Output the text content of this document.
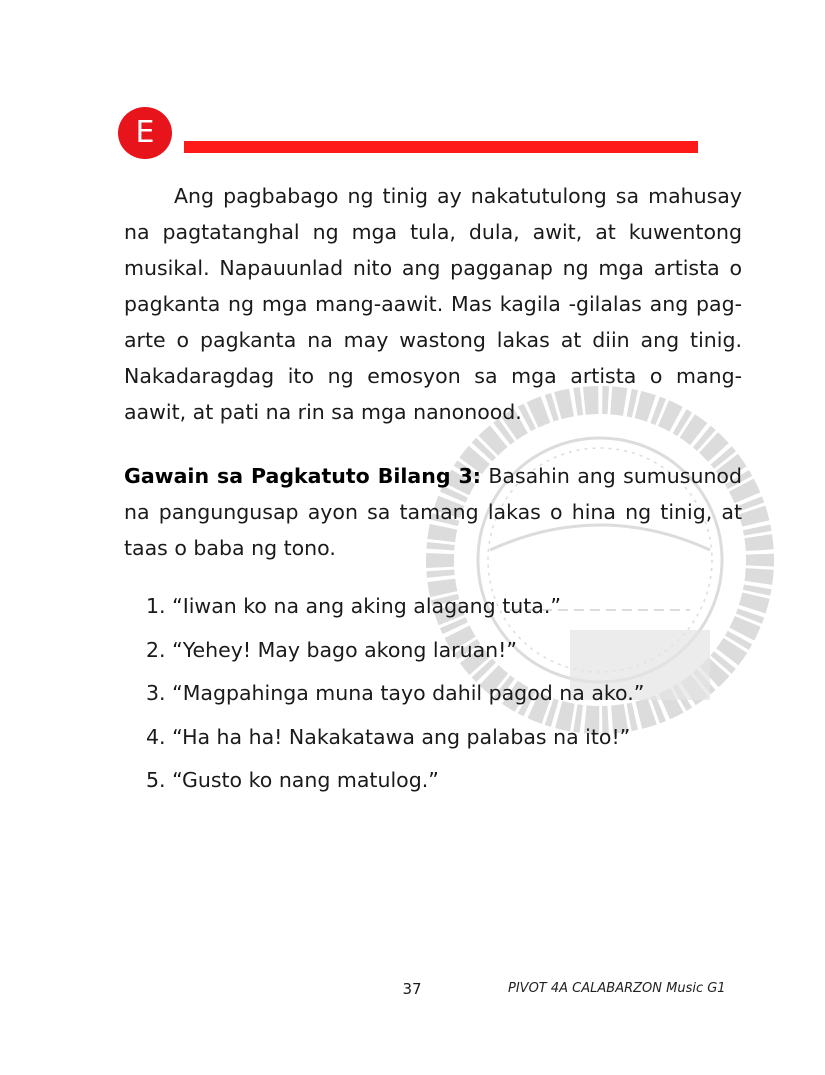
E

Ang pagbabago ng tinig ay nakatutulong sa mahusay na pagtatanghal ng mga tula, dula, awit, at kuwentong musikal. Napauunlad nito ang pagganap ng mga artista o pagkanta ng mga mang-aawit. Mas kagila -gilalas ang pag-arte o pagkanta na may wastong lakas at diin ang tinig. Nakadaragdag ito ng emosyon sa mga artista o mang-aawit, at pati na rin sa mga nanonood.

Gawain sa Pagkatuto Bilang 3: Basahin ang sumusunod na pangungusap ayon sa tamang lakas o hina ng tinig, at taas o baba ng tono.

1. “Iiwan ko na ang aking alagang tuta.”
2. “Yehey! May bago akong laruan!”
3. “Magpahinga muna tayo dahil pagod na ako.”
4. “Ha ha ha! Nakakatawa ang palabas na ito!”
5. “Gusto ko nang matulog.”
37	PIVOT 4A CALABARZON Music G1
